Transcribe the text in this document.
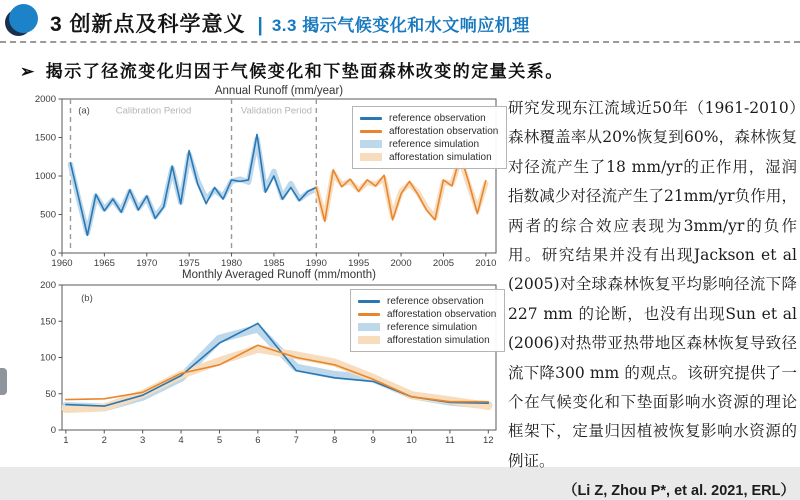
3 创新点及科学意义 | 3.3 揭示气候变化和水文响应机理
➢ 揭示了径流变化归因于气候变化和下垫面森林改变的定量关系。
Annual Runoff (mm/year)
1960 1965 1970 1975 1980 1985 1990 1995 2000 2005 2010
0
500
1000
1500
2000
(a)	Calibration Period	Validation Period
reference observation
afforestation observation
reference simulation
afforestation simulation
Monthly Averaged Runoff (mm/month)
1	2	3	4	5	6	7	8	9	10	11	12
0
50
100
150
200
(b)	reference observation
afforestation observation
reference simulation
afforestation simulation

研究发现东江流域近50年（1961-2010）森林覆盖率从20%恢复到60%，森林恢复对径流产生了18 mm/yr的正作用，湿润指数减少对径流产生了21mm/yr负作用，两者的综合效应表现为3mm/yr的负作用。研究结果并没有出现Jackson et al (2005)对全球森林恢复平均影响径流下降227 mm 的论断，也没有出现Sun et al (2006)对热带亚热带地区森林恢复导致径流下降300 mm 的观点。该研究提供了一个在气候变化和下垫面影响水资源的理论框架下，定量归因植被恢复影响水资源的例证。

（Li Z, Zhou P*, et al. 2021, ERL）
